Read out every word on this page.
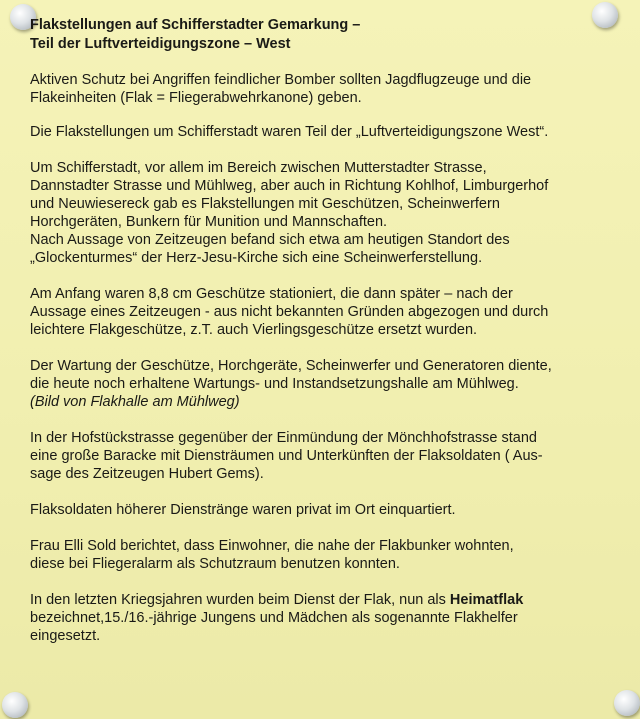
Flakstellungen auf Schifferstadter Gemarkung –
Teil der Luftverteidigungszone – West
Aktiven Schutz bei Angriffen feindlicher Bomber sollten Jagdflugzeuge und die
Flakeinheiten (Flak = Fliegerabwehrkanone) geben.
Die Flakstellungen um Schifferstadt waren Teil der „Luftverteidigungszone West“.
Um Schifferstadt, vor allem im Bereich zwischen Mutterstadter Strasse,
Dannstadter Strasse und Mühlweg, aber auch in Richtung Kohlhof, Limburgerhof
und Neuwiesereck gab es Flakstellungen mit Geschützen, Scheinwerfern
Horchgeräten, Bunkern für Munition und Mannschaften.
Nach Aussage von Zeitzeugen befand sich etwa am heutigen Standort des
„Glockenturmes“ der Herz-Jesu-Kirche sich eine Scheinwerferstellung.
Am Anfang waren 8,8 cm Geschütze stationiert, die dann später – nach der
Aussage eines Zeitzeugen - aus nicht bekannten Gründen abgezogen und durch
leichtere Flakgeschütze, z.T. auch Vierlingsgeschütze ersetzt wurden.
Der Wartung der Geschütze, Horchgeräte, Scheinwerfer und Generatoren diente,
die heute noch erhaltene Wartungs- und Instandsetzungshalle am Mühlweg.
(Bild von Flakhalle am Mühlweg)
In der Hofstückstrasse gegenüber der Einmündung der Mönchhofstrasse stand
eine große Baracke mit Diensträumen und Unterkünften der Flaksoldaten ( Aus-
sage des Zeitzeugen Hubert Gems).
Flaksoldaten höherer Dienstränge waren privat im Ort einquartiert.
Frau Elli Sold berichtet, dass Einwohner, die nahe der Flakbunker wohnten,
diese bei Fliegeralarm als Schutzraum benutzen konnten.
In den letzten Kriegsjahren wurden beim Dienst der Flak, nun als Heimatflak
bezeichnet,15./16.-jährige Jungens und Mädchen als sogenannte Flakhelfer
eingesetzt.
